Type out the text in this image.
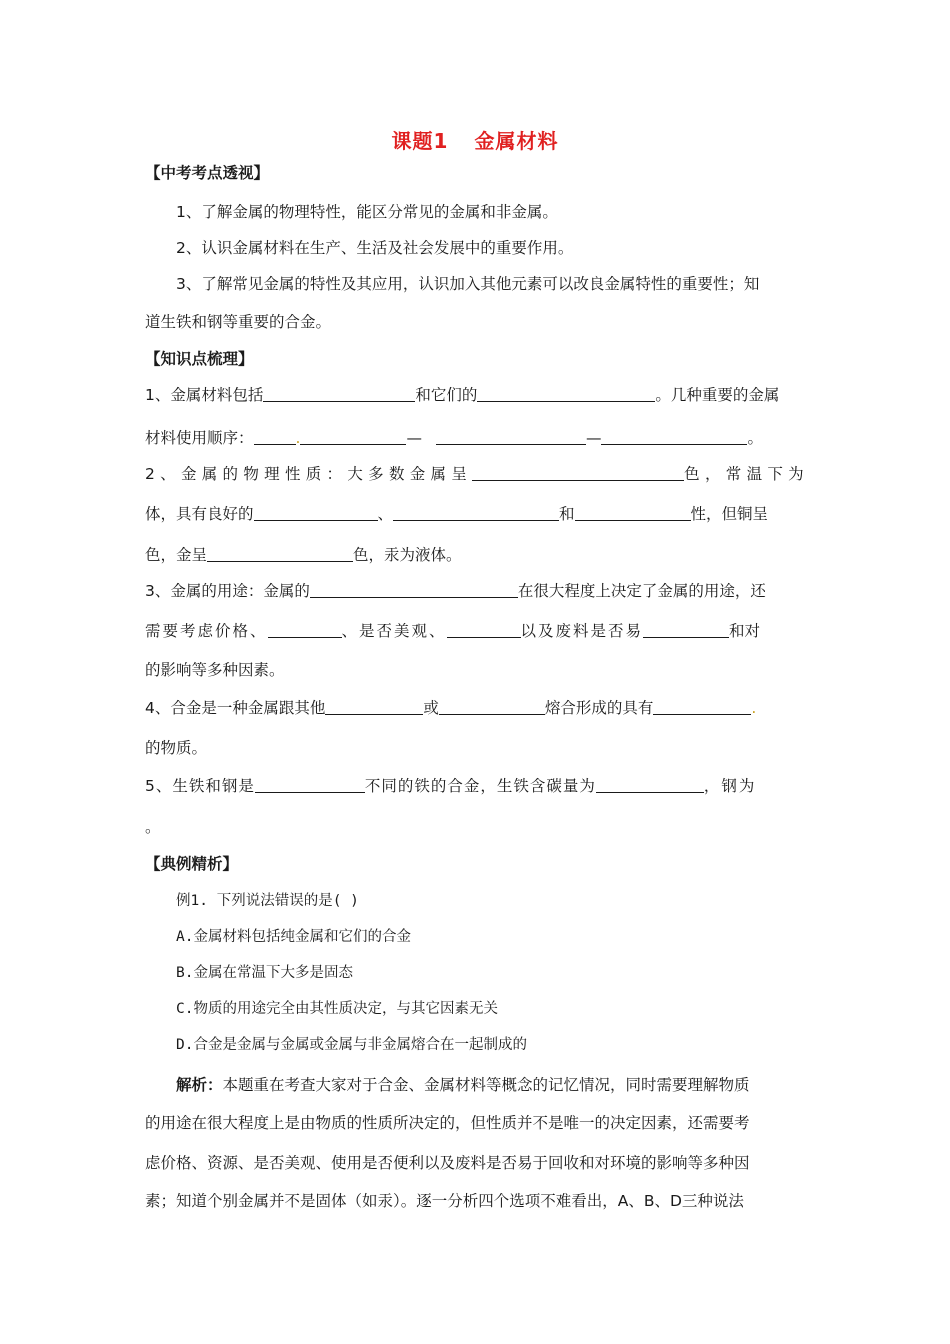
课题1 金属材料
【中考考点透视】
1、了解金属的物理特性，能区分常见的金属和非金属。
2、认识金属材料在生产、生活及社会发展中的重要作用。
3、了解常见金属的特性及其应用，认识加入其他元素可以改良金属特性的重要性；知
道生铁和钢等重要的合金。
【知识点梳理】
1、金属材料包括	和它们的	。几种重要的金属
材料使用顺序：	.	—	—	。
2、金属的物理性质：大多数金属呈	色，常温下为
体，具有良好的	、	和	性，但铜呈
色，金呈	色，汞为液体。
3、金属的用途：金属的	在很大程度上决定了金属的用途，还
需要考虑价格、	、是否美观、	以及废料是否易	和对
的影响等多种因素。
4、合金是一种金属跟其他	或	熔合形成的具有	.
的物质。
5、生铁和钢是	不同的铁的合金，生铁含碳量为	，钢为
。
【典例精析】
例1. 下列说法错误的是( )
A.金属材料包括纯金属和它们的合金
B.金属在常温下大多是固态
C.物质的用途完全由其性质决定，与其它因素无关
D.合金是金属与金属或金属与非金属熔合在一起制成的
解析：本题重在考查大家对于合金、金属材料等概念的记忆情况，同时需要理解物质
的用途在很大程度上是由物质的性质所决定的，但性质并不是唯一的决定因素，还需要考
虑价格、资源、是否美观、使用是否便利以及废料是否易于回收和对环境的影响等多种因
素；知道个别金属并不是固体（如汞）。逐一分析四个选项不难看出，A、B、D三种说法
